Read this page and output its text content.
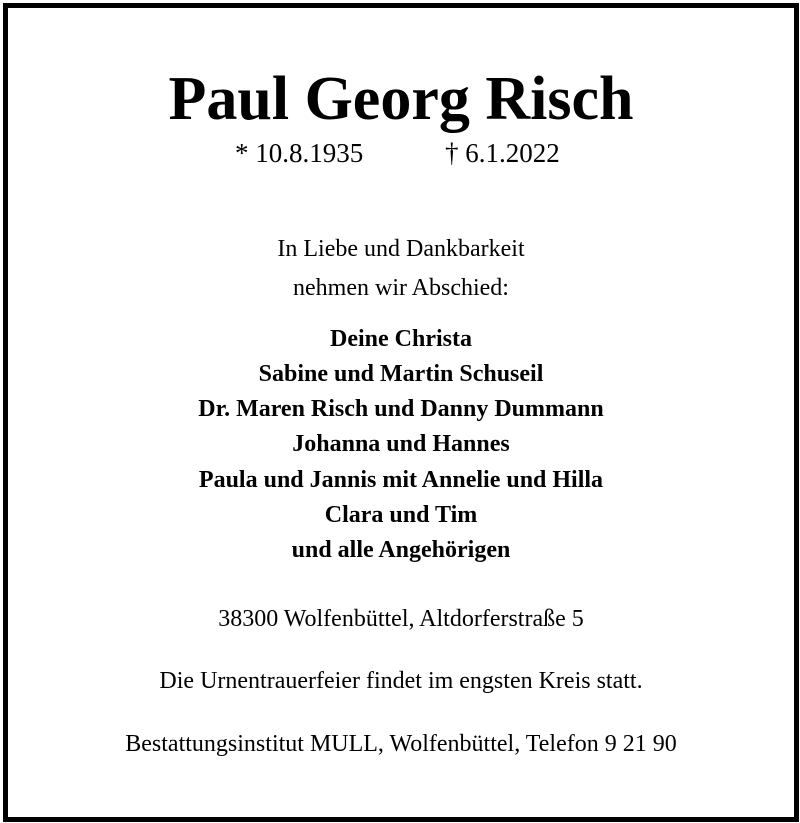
Paul Georg Risch
* 10.8.1935	† 6.1.2022
In Liebe und Dankbarkeit
nehmen wir Abschied:
Deine Christa
Sabine und Martin Schuseil
Dr. Maren Risch und Danny Dummann
Johanna und Hannes
Paula und Jannis mit Annelie und Hilla
Clara und Tim
und alle Angehörigen
38300 Wolfenbüttel, Altdorferstraße 5
Die Urnentrauerfeier findet im engsten Kreis statt.
Bestattungsinstitut MULL, Wolfenbüttel, Telefon 9 21 90
